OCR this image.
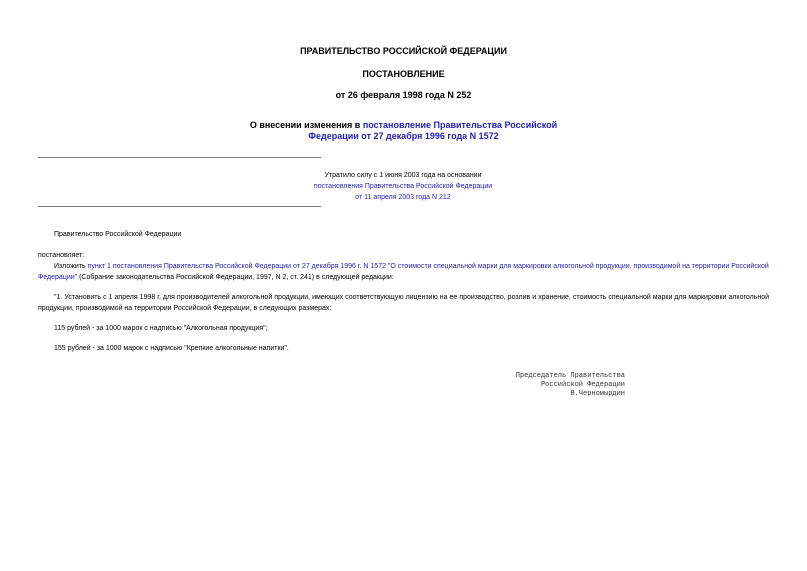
ПРАВИТЕЛЬСТВО РОССИЙСКОЙ ФЕДЕРАЦИИ
ПОСТАНОВЛЕНИЕ
от 26 февраля 1998 года N 252
О внесении изменения в постановление Правительства Российской
Федерации от 27 декабря 1996 года N 1572
Утратило силу с 1 июня 2003 года на основании
постановления Правительства Российской Федерации
от 11 апреля 2003 года N 212
Правительство Российской Федерации
постановляет:
Изложить пункт 1 постановления Правительства Российской Федерации от 27 декабря 1996 г. N 1572 "О стоимости специальной марки для маркировки алкогольной продукции, производимой на территории Российской Федерации" (Собрание законодательства Российской Федерации, 1997, N 2, ст. 241) в следующей редакции:
"1. Установить с 1 апреля 1998 г. для производителей алкогольной продукции, имеющих соответствующую лицензию на ее производство, розлив и хранение, стоимость специальной марки для маркировки алкогольной продукции, производимой на территории Российской Федерации, в следующих размерах:
115 рублей - за 1000 марок с надписью "Алкогольная продукция";
155 рублей - за 1000 марок с надписью "Крепкие алкогольные напитки".
Председатель Правительства
Российской Федерации
В.Черномырдин
